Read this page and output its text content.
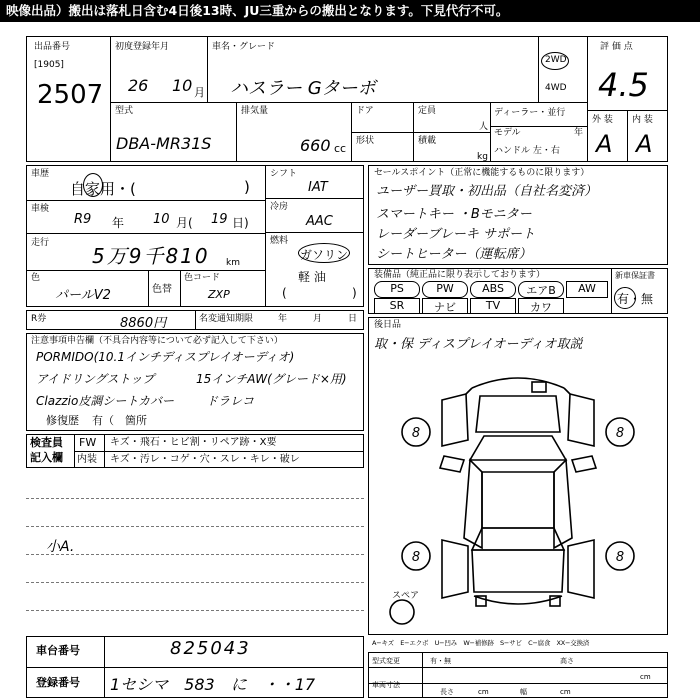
映像出品）搬出は落札日含む4日後13時、JU三重からの搬出となります。下見代行不可。
出品番号
[1905]
2507
初度登録年月
26 10 月
車名・グレード
ハスラー Gターボ
2WD
4WD
評 価 点
4.5
外 装 内 装
A A
型式
DBA-MR31S
排気量
660 cc
ドア
形状
定員
人
積載
kg
ディーラー・並行
モデル	年
ハンドル 左・右
車歴
自家用・(	)
車検
R9 年 10 月( 19 日)
走行
5万9千810 km
色
パールV2	色替
色コード
ZXP
シフト
IAT
冷房
AAC
燃料
ガソリン
軽 油
(	)
セールスポイント（正常に機能するものに限ります）
ユーザー買取・初出品（自社名変済）
スマートキー ・Bモニター
レーダーブレーキ サポート
シートヒーター（運転席）
装備品（純正品に限り表示しております）
PS	PW	ABS	エアB	AW
SR	ナビ	TV	カワ
新車保証書
有・無
R券	8860円	名変通知期限	年	月	日
注意事項申告欄（不具合内容等について必ず記入して下さい）
PORMIDO(10.1インチディスプレイオーディオ)
アイドリングストップ	15インチAW(グレード×用)
Clazzio皮調シートカバー	ドラレコ
修復歴 有（　箇所
後日品
取・保 ディスプレイオーディオ取説
8	8
8	8
スペア
検査員
記入欄
FW キズ・飛石・ヒビ割・リペア跡・X要
内装 キズ・汚レ・コゲ・穴・スレ・キレ・破レ
小A.
車台番号	825043
登録番号 1セシマ　583　に　・・17
A−キズ　E−エクボ　U−凹み　W−補修跡　S−サビ　C−腐食　XX−交換済
型式変更	有・無
車両寸法
高さ
長さ	cm	幅	cm
cm
